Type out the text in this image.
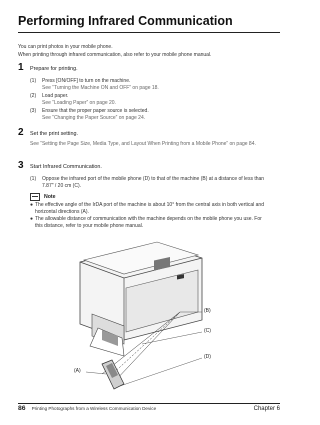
Performing Infrared Communication
You can print photos in your mobile phone.
When printing through infrared communication, also refer to your mobile phone manual.
1	Prepare for printing.
(1)	Press [ON/OFF] to turn on the machine.
See “Turning the Machine ON and OFF” on page 18.
(2)	Load paper.
See “Loading Paper” on page 20.
(3)	Ensure that the proper paper source is selected.
See “Changing the Paper Source” on page 24.
2	Set the print setting.
See “Setting the Page Size, Media Type, and Layout When Printing from a Mobile Phone” on page 84.
3	Start Infrared Communication.
(1)	Oppose the infrared port of the mobile phone (D) to that of the machine (B) at a distance of less than 7.87" / 20 cm (C).
Note
● The effective angle of the IrDA port of the machine is about 10° from the central axis in both vertical and horizontal directions (A).
● The allowable distance of communication with the machine depends on the mobile phone you use. For this distance, refer to your mobile phone manual.
(B)
(C)
(A)
(D)
86 Printing Photographs from a Wireless Communication Device	Chapter 6
